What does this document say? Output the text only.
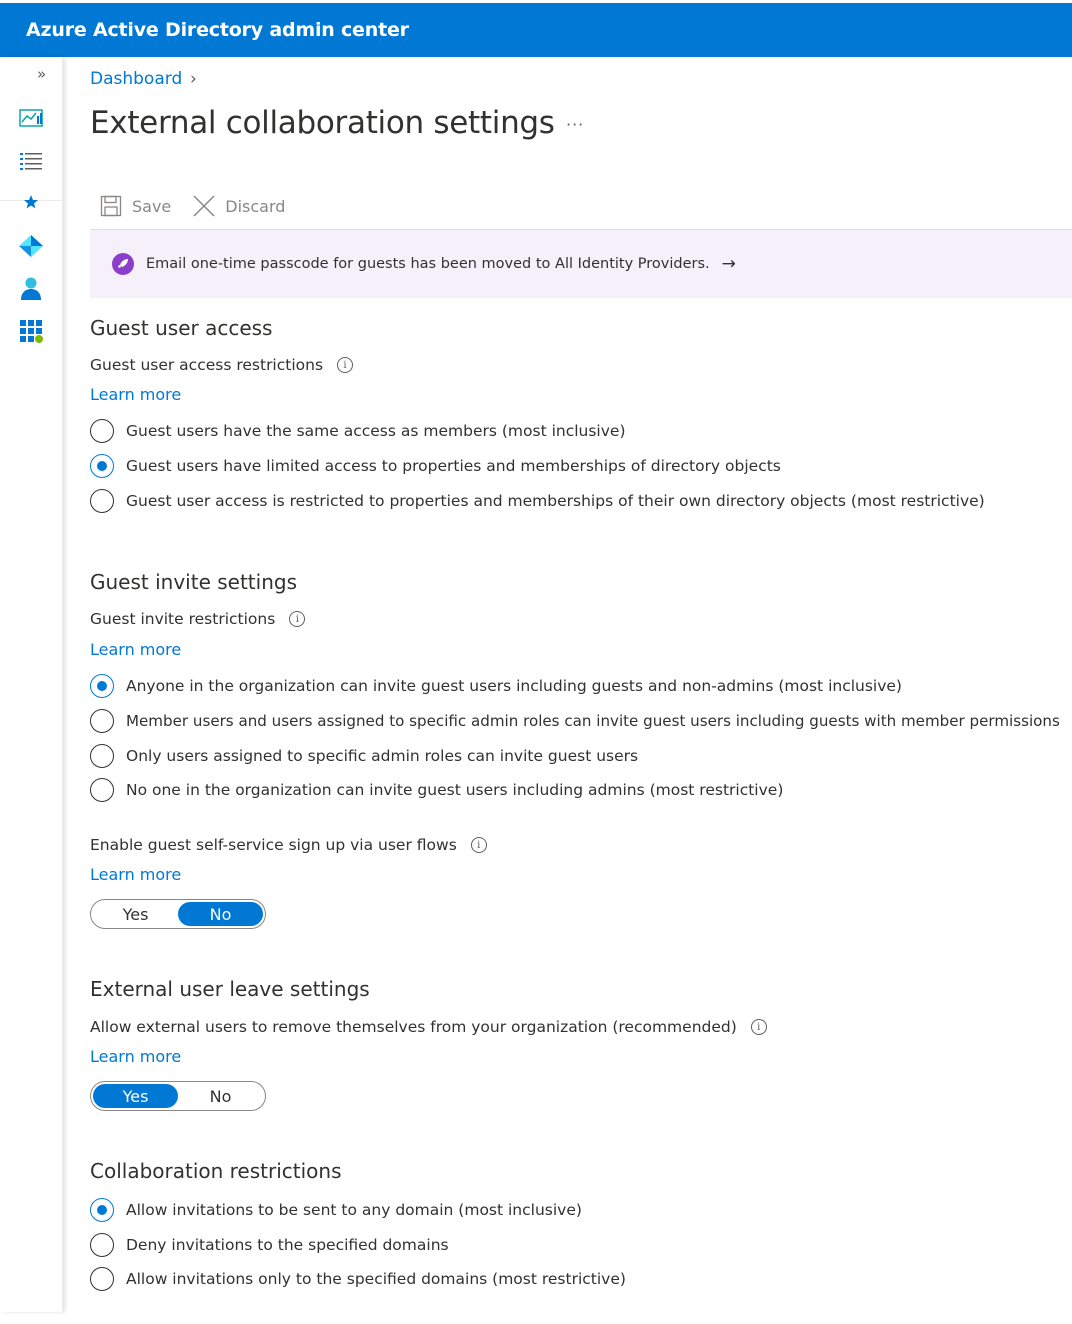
Azure Active Directory admin center
»	Dashboard ›
External collaboration settings ···
Save	Discard
Email one-time passcode for guests has been moved to All Identity Providers. →
Guest user access
Guest user access restrictions	i
Learn more
Guest users have the same access as members (most inclusive)
Guest users have limited access to properties and memberships of directory objects
Guest user access is restricted to properties and memberships of their own directory objects (most restrictive)
Guest invite settings
Guest invite restrictions	i
Learn more
Anyone in the organization can invite guest users including guests and non-admins (most inclusive)
Member users and users assigned to specific admin roles can invite guest users including guests with member permissions
Only users assigned to specific admin roles can invite guest users
No one in the organization can invite guest users including admins (most restrictive)
Enable guest self-service sign up via user flows	i
Learn more
Yes	No
External user leave settings
Allow external users to remove themselves from your organization (recommended)	i
Learn more
Yes	No
Collaboration restrictions
Allow invitations to be sent to any domain (most inclusive)
Deny invitations to the specified domains
Allow invitations only to the specified domains (most restrictive)
